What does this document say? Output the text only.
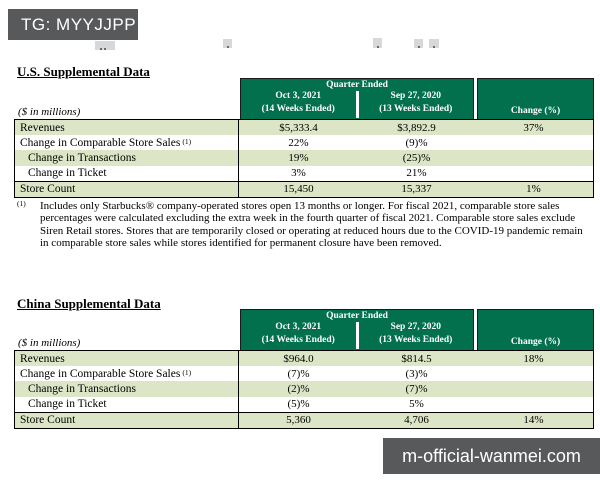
TG: MYYJJPP
U.S. Supplemental Data
($ in millions)
Quarter Ended
Oct 3, 2021
(14 Weeks Ended)
Sep 27, 2020
(13 Weeks Ended)	Change (%)
Revenues	$5,333.4	$3,892.9	37%
Change in Comparable Store Sales $^{(1)}$	22%	(9)%
Change in Transactions	19%	(25)%
Change in Ticket	3%	21%
Store Count	15,450	15,337	1%
(1) Includes only Starbucks® company-operated stores open 13 months or longer. For fiscal 2021, comparable store sales percentages were calculated excluding the extra week in the fourth quarter of fiscal 2021. Comparable store sales exclude Siren Retail stores. Stores that are temporarily closed or operating at reduced hours due to the COVID-19 pandemic remain in comparable store sales while stores identified for permanent closure have been removed.
China Supplemental Data
($ in millions)
Quarter Ended
Oct 3, 2021
(14 Weeks Ended)
Sep 27, 2020
(13 Weeks Ended)	Change (%)
Revenues	$964.0	$814.5	18%
Change in Comparable Store Sales $^{(1)}$	(7)%	(3)%
Change in Transactions	(2)%	(7)%
Change in Ticket	(5)%	5%
Store Count	5,360	4,706	14%
m-official-wanmei.com
